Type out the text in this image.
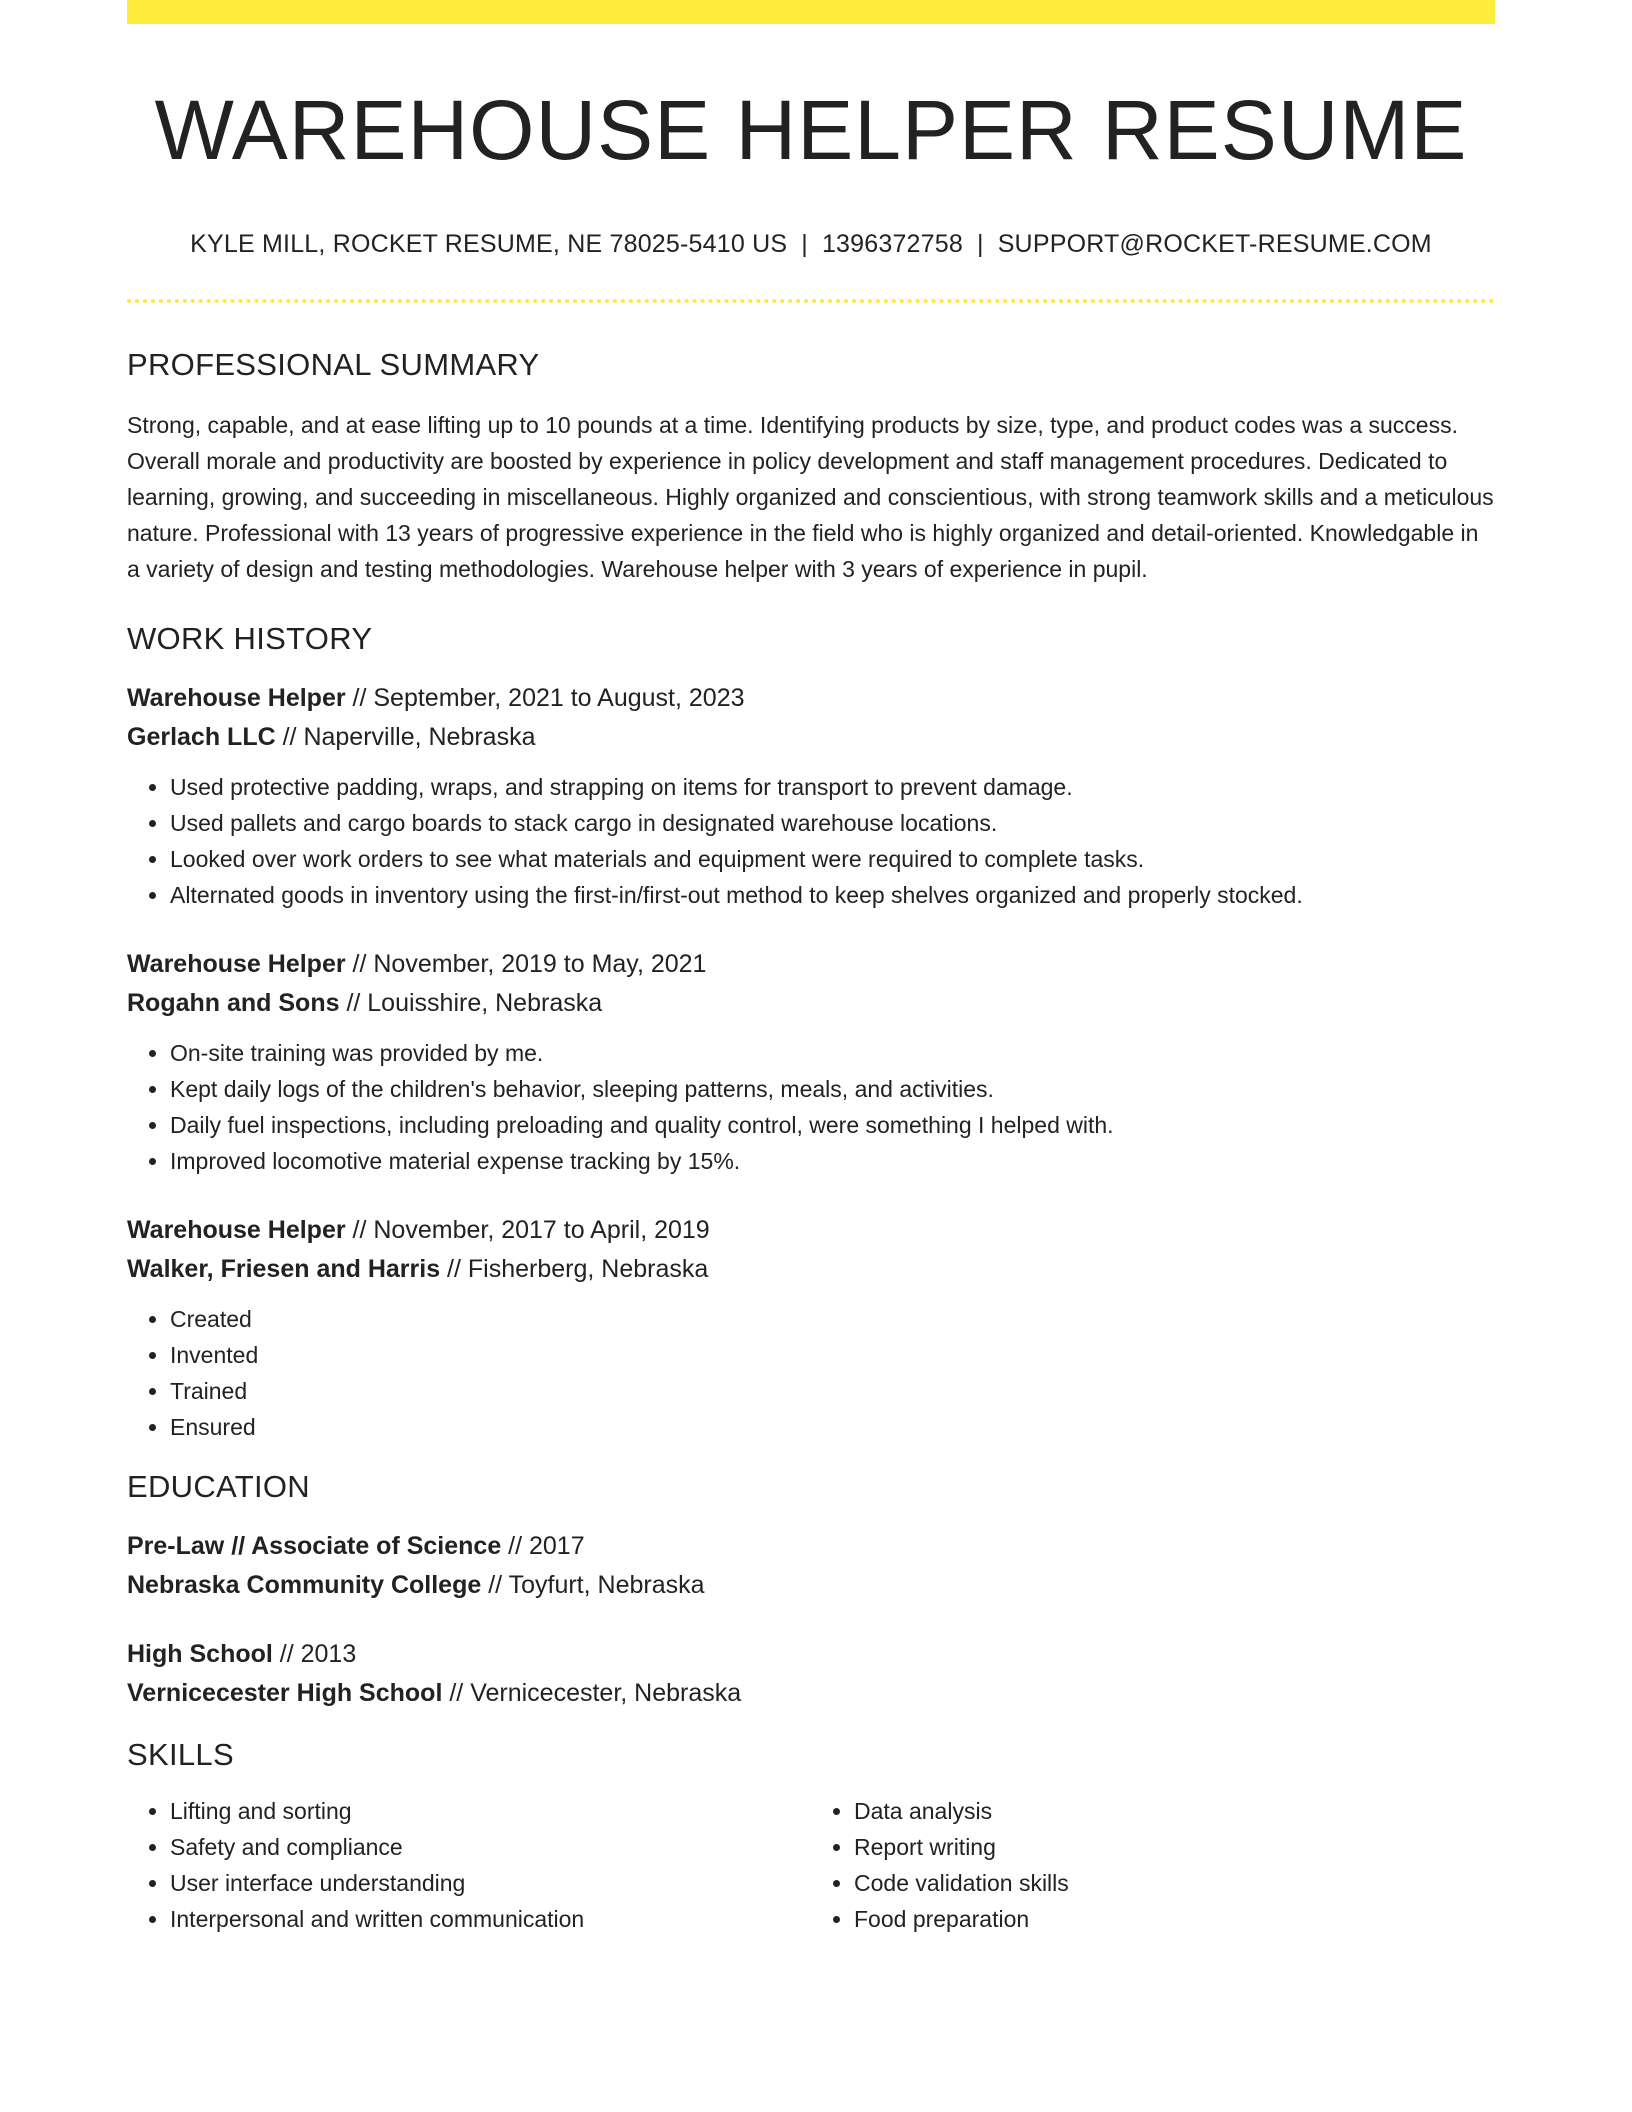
WAREHOUSE HELPER RESUME
KYLE MILL, ROCKET RESUME, NE 78025-5410 US | 1396372758 | SUPPORT@ROCKET-RESUME.COM
PROFESSIONAL SUMMARY
Strong, capable, and at ease lifting up to 10 pounds at a time. Identifying products by size, type, and product codes was a success. Overall morale and productivity are boosted by experience in policy development and staff management procedures. Dedicated to learning, growing, and succeeding in miscellaneous. Highly organized and conscientious, with strong teamwork skills and a meticulous nature. Professional with 13 years of progressive experience in the field who is highly organized and detail-oriented. Knowledgable in a variety of design and testing methodologies. Warehouse helper with 3 years of experience in pupil.
WORK HISTORY
Warehouse Helper // September, 2021 to August, 2023
Gerlach LLC // Naperville, Nebraska
• Used protective padding, wraps, and strapping on items for transport to prevent damage.
• Used pallets and cargo boards to stack cargo in designated warehouse locations.
• Looked over work orders to see what materials and equipment were required to complete tasks.
• Alternated goods in inventory using the first-in/first-out method to keep shelves organized and properly stocked.
Warehouse Helper // November, 2019 to May, 2021
Rogahn and Sons // Louisshire, Nebraska
• On-site training was provided by me.
• Kept daily logs of the children's behavior, sleeping patterns, meals, and activities.
• Daily fuel inspections, including preloading and quality control, were something I helped with.
• Improved locomotive material expense tracking by 15%.
Warehouse Helper // November, 2017 to April, 2019
Walker, Friesen and Harris // Fisherberg, Nebraska
• Created
• Invented
• Trained
• Ensured
EDUCATION
Pre-Law // Associate of Science // 2017
Nebraska Community College // Toyfurt, Nebraska
High School // 2013
Vernicecester High School // Vernicecester, Nebraska
SKILLS
• Lifting and sorting
• Safety and compliance
• User interface understanding
• Interpersonal and written communication
• Data analysis
• Report writing
• Code validation skills
• Food preparation
